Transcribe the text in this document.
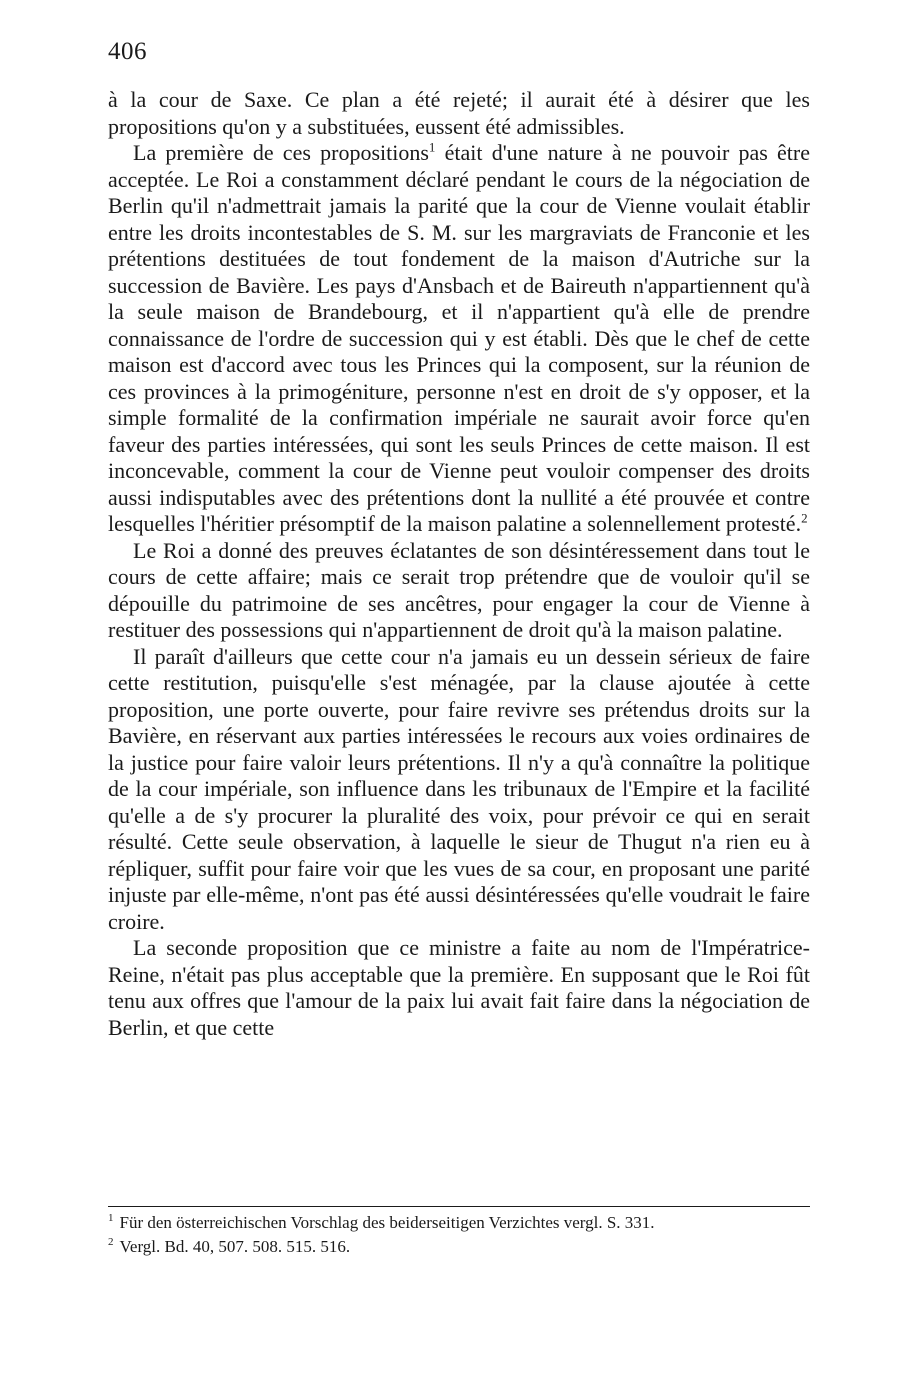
406

à la cour de Saxe. Ce plan a été rejeté; il aurait été à désirer que les propositions qu'on y a substituées, eussent été admissibles.

La première de ces propositions$^1$ était d'une nature à ne pouvoir pas être acceptée. Le Roi a constamment déclaré pendant le cours de la négociation de Berlin qu'il n'admettrait jamais la parité que la cour de Vienne voulait établir entre les droits incontestables de S. M. sur les margraviats de Franconie et les prétentions destituées de tout fondement de la maison d'Autriche sur la succession de Bavière. Les pays d'Ansbach et de Baireuth n'appartiennent qu'à la seule maison de Brandebourg, et il n'appartient qu'à elle de prendre connaissance de l'ordre de succession qui y est établi. Dès que le chef de cette maison est d'accord avec tous les Princes qui la composent, sur la réunion de ces provinces à la primogéniture, personne n'est en droit de s'y opposer, et la simple formalité de la confirmation impériale ne saurait avoir force qu'en faveur des parties intéressées, qui sont les seuls Princes de cette maison. Il est inconcevable, comment la cour de Vienne peut vouloir compenser des droits aussi indisputables avec des prétentions dont la nullité a été prouvée et contre lesquelles l'héritier présomptif de la maison palatine a solennellement protesté.$^2$

Le Roi a donné des preuves éclatantes de son désintéressement dans tout le cours de cette affaire; mais ce serait trop prétendre que de vouloir qu'il se dépouille du patrimoine de ses ancêtres, pour engager la cour de Vienne à restituer des possessions qui n'appartiennent de droit qu'à la maison palatine.

Il paraît d'ailleurs que cette cour n'a jamais eu un dessein sérieux de faire cette restitution, puisqu'elle s'est ménagée, par la clause ajoutée à cette proposition, une porte ouverte, pour faire revivre ses prétendus droits sur la Bavière, en réservant aux parties intéressées le recours aux voies ordinaires de la justice pour faire valoir leurs prétentions. Il n'y a qu'à connaître la politique de la cour impériale, son influence dans les tribunaux de l'Empire et la facilité qu'elle a de s'y procurer la pluralité des voix, pour prévoir ce qui en serait résulté. Cette seule observation, à laquelle le sieur de Thugut n'a rien eu à répliquer, suffit pour faire voir que les vues de sa cour, en proposant une parité injuste par elle-même, n'ont pas été aussi désintéressées qu'elle voudrait le faire croire.

La seconde proposition que ce ministre a faite au nom de l'Impératrice-Reine, n'était pas plus acceptable que la première. En supposant que le Roi fût tenu aux offres que l'amour de la paix lui avait fait faire dans la négociation de Berlin, et que cette

$^1$ Für den österreichischen Vorschlag des beiderseitigen Verzichtes vergl. S. 331.

$^2$ Vergl. Bd. 40, 507. 508. 515. 516.
